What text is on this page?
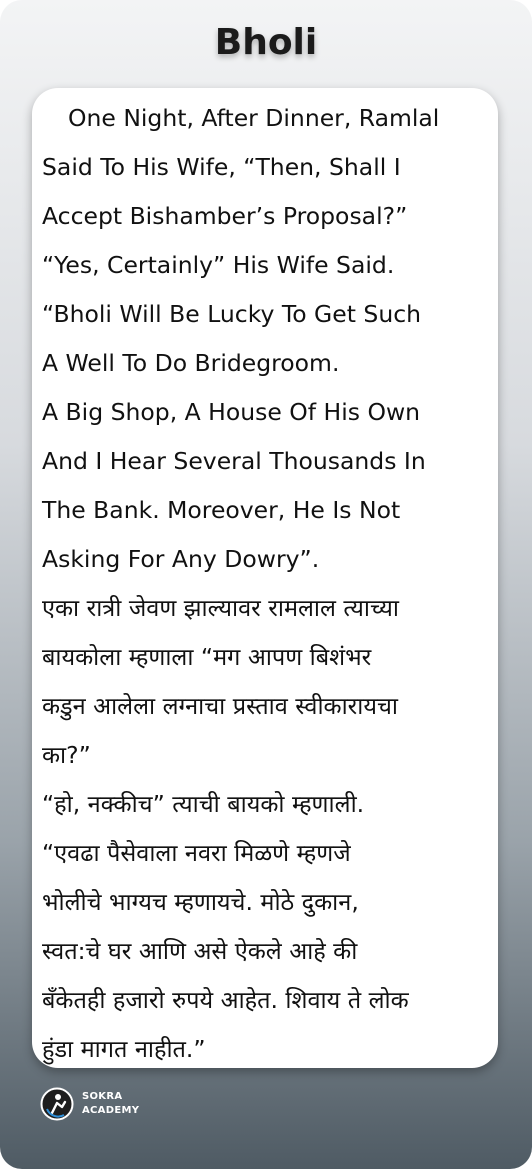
Bholi
One Night, After Dinner, Ramlal
Said To His Wife, “Then, Shall I
Accept Bishamber’s Proposal?”
“Yes, Certainly” His Wife Said.
“Bholi Will Be Lucky To Get Such
A Well To Do Bridegroom.
A Big Shop, A House Of His Own
And I Hear Several Thousands In
The Bank. Moreover, He Is Not
Asking For Any Dowry”.
एका रात्री जेवण झाल्यावर रामलाल त्याच्या
बायकोला म्हणाला “मग आपण बिशंभर
कडुन आलेला लग्नाचा प्रस्ताव स्वीकारायचा
का?”
“हो, नक्कीच” त्याची बायको म्हणाली.
“एवढा पैसेवाला नवरा मिळणे म्हणजे
भोलीचे भाग्यच म्हणायचे. मोठे दुकान,
स्वत:चे घर आणि असे ऐकले आहे की
बँकेतही हजारो रुपये आहेत. शिवाय ते लोक
हुंडा मागत नाहीत.”
SOKRA
ACADEMY
